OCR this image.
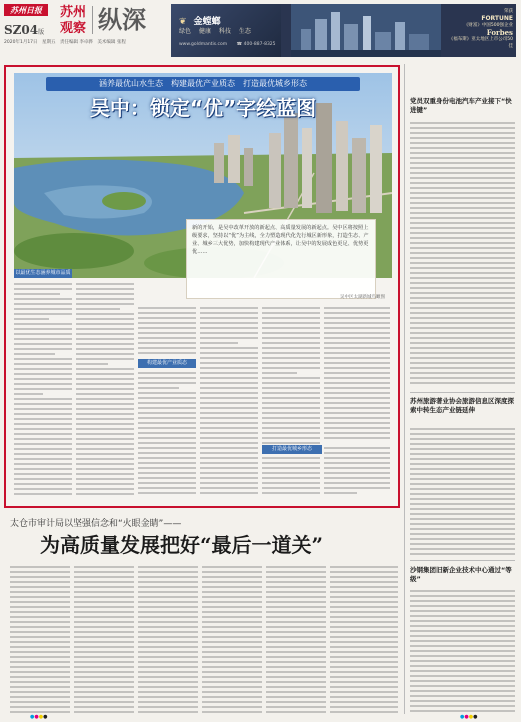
苏州日报
SZ04版
苏州
观察 纵深
2020年1月17日　星期五 责任编辑 李卓骅　美术编辑 张程
❦ 金螳螂
绿色 健康 科技 生态
www.goldmantis.com ☎ 400-887-8325
荣获
FORTUNE
《财富》中国500强企业
Forbes
《福布斯》亚太地区上市公司50佳
涵养最优山水生态　构建最优产业质态　打造最优城乡形态
吴中：锁定“优”字绘蓝图
新的开始，是吴中改革开放的新起点、高质量发展的新起点。吴中区将按照上级要求，坚持以“优”为主线，全力塑造现代化先行城区新形象，打造生态、产业、城乡三大优势，加快构建现代产业体系，让吴中的发展成色更足、优势更优……
吴中区太湖新城鸟瞰图
以最优生态涵养城市品质
构建最优产业质态
打造最优城乡形态
太仓市审计局以坚强信念和“火眼金睛”——
为高质量发展把好“最后一道关”
党员双重身份电池汽车产业接下“快进键”
苏州旅游著业协会旅游信息区深度探索中转生态产业链延伸
沙钢集团旧新企业技术中心通过“等级”
●●●●	●●●●
